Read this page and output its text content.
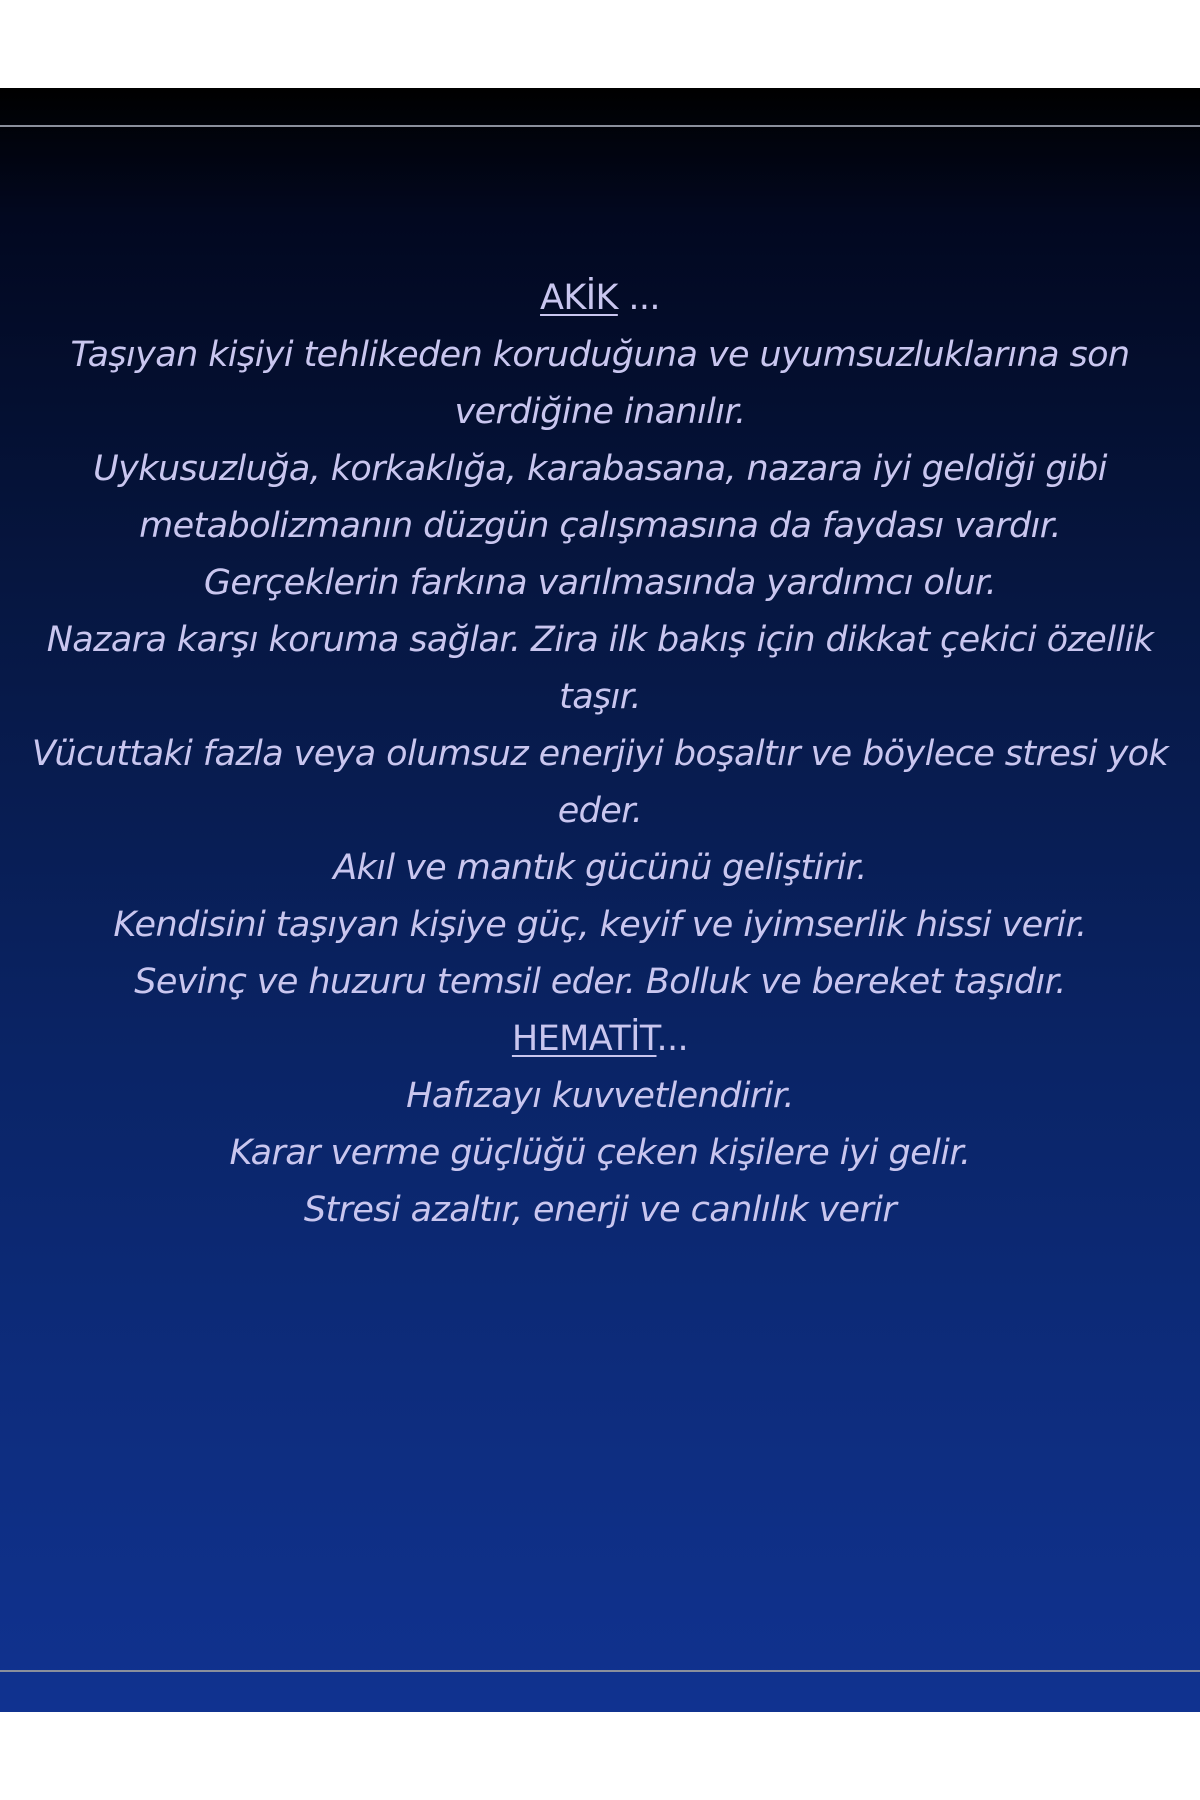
AKİK ...
Taşıyan kişiyi tehlikeden koruduğuna ve uyumsuzluklarına son verdiğine inanılır.
Uykusuzluğa, korkaklığa, karabasana, nazara iyi geldiği gibi metabolizmanın düzgün çalışmasına da faydası vardır.
Gerçeklerin farkına varılmasında yardımcı olur.
Nazara karşı koruma sağlar. Zira ilk bakış için dikkat çekici özellik taşır.
Vücuttaki fazla veya olumsuz enerjiyi boşaltır ve böylece stresi yok eder.
Akıl ve mantık gücünü geliştirir.
Kendisini taşıyan kişiye güç, keyif ve iyimserlik hissi verir.
Sevinç ve huzuru temsil eder. Bolluk ve bereket taşıdır.
HEMATİT...
Hafızayı kuvvetlendirir.
Karar verme güçlüğü çeken kişilere iyi gelir.
Stresi azaltır, enerji ve canlılık verir
